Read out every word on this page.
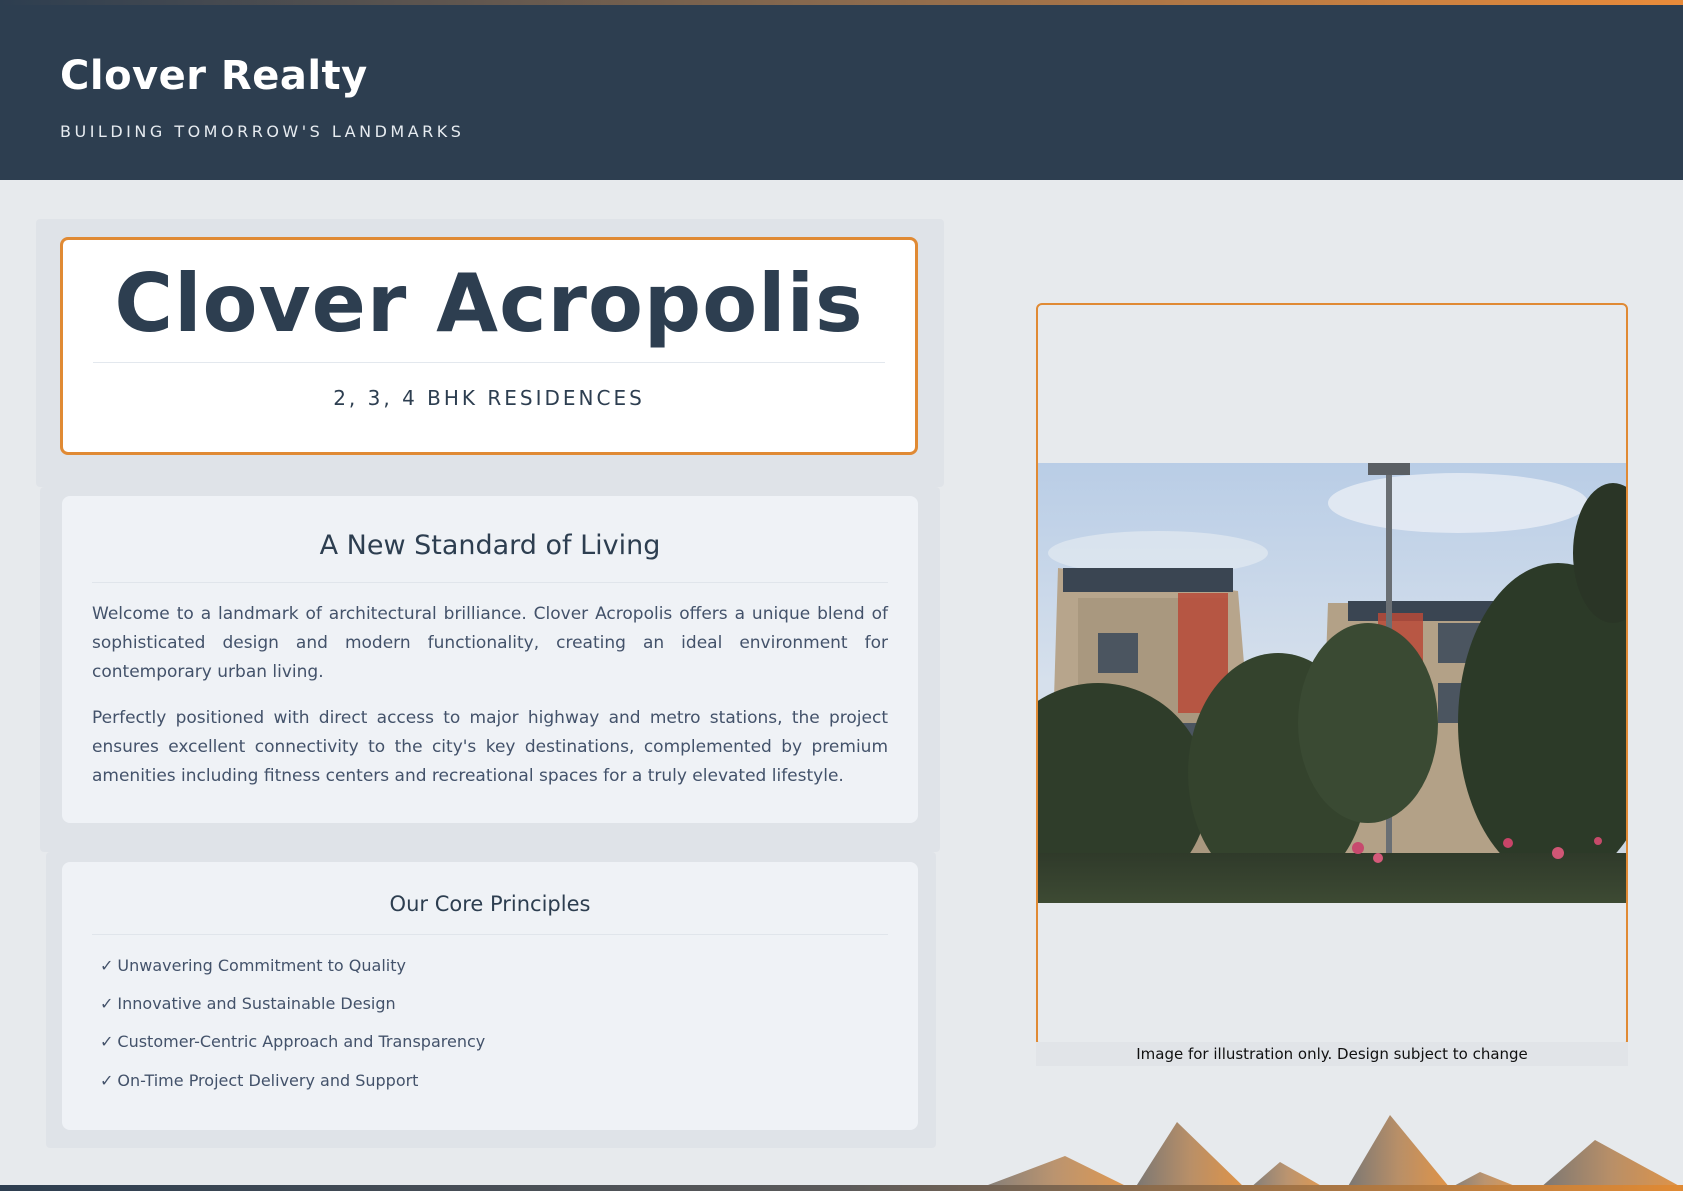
Clover Realty
BUILDING TOMORROW'S LANDMARKS
Clover Acropolis
2, 3, 4 BHK RESIDENCES
A New Standard of Living

Welcome to a landmark of architectural brilliance. Clover Acropolis offers a unique blend of sophisticated design and modern functionality, creating an ideal environment for contemporary urban living.

Perfectly positioned with direct access to major highway and metro stations, the project ensures excellent connectivity to the city's key destinations, complemented by premium amenities including fitness centers and recreational spaces for a truly elevated lifestyle.

Our Core Principles
✓ Unwavering Commitment to Quality
✓ Innovative and Sustainable Design
✓ Customer-Centric Approach and Transparency
✓ On-Time Project Delivery and Support
Image for illustration only. Design subject to change
